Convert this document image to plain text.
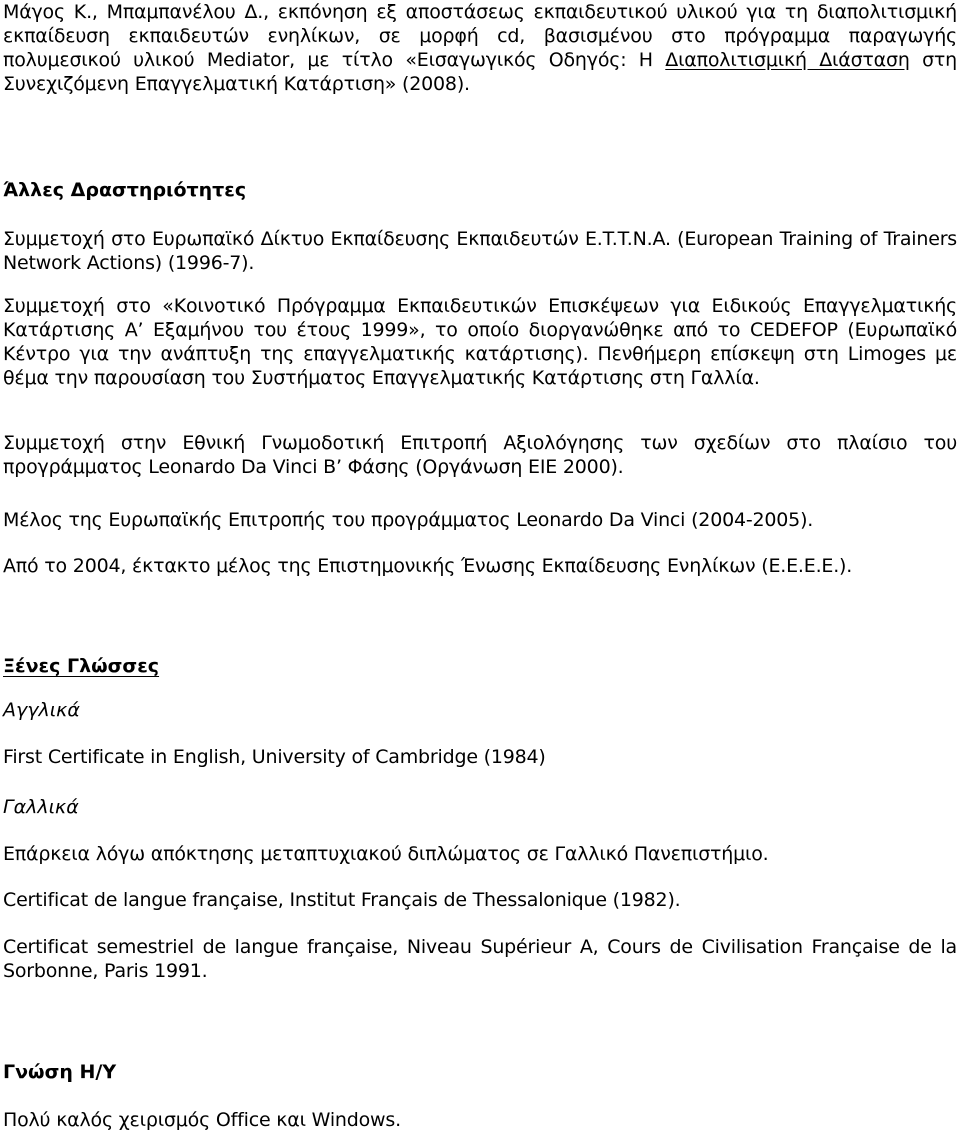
Μάγος Κ., Μπαμπανέλου Δ., εκπόνηση εξ αποστάσεως εκπαιδευτικού υλικού για τη διαπολιτισμική εκπαίδευση εκπαιδευτών ενηλίκων, σε μορφή cd, βασισμένου στο πρόγραμμα παραγωγής πολυμεσικού υλικού Mediator, με τίτλο «Εισαγωγικός Οδηγός: Η Διαπολιτισμική Διάσταση στη Συνεχιζόμενη Επαγγελματική Κατάρτιση» (2008).

Άλλες Δραστηριότητες

Συμμετοχή στο Ευρωπαϊκό Δίκτυο Εκπαίδευσης Εκπαιδευτών E.T.T.N.A. (European Training of Trainers Network Actions) (1996-7).

Συμμετοχή στο «Κοινοτικό Πρόγραμμα Εκπαιδευτικών Επισκέψεων για Ειδικούς Επαγγελματικής Κατάρτισης Α’ Εξαμήνου του έτους 1999», το οποίο διοργανώθηκε από το CEDEFOP (Ευρωπαϊκό Κέντρο για την ανάπτυξη της επαγγελματικής κατάρτισης). Πενθήμερη επίσκεψη στη Limoges με θέμα την παρουσίαση του Συστήματος Επαγγελματικής Κατάρτισης στη Γαλλία.

Συμμετοχή στην Εθνική Γνωμοδοτική Επιτροπή Αξιολόγησης των σχεδίων στο πλαίσιο του προγράμματος Leonardo Da Vinci Β’ Φάσης (Οργάνωση ΕΙΕ 2000).

Μέλος της Ευρωπαϊκής Επιτροπής του προγράμματος Leonardo Da Vinci (2004-2005).

Από το 2004, έκτακτο μέλος της Επιστημονικής Ένωσης Εκπαίδευσης Ενηλίκων (Ε.Ε.Ε.Ε.).

Ξένες Γλώσσες

Αγγλικά

First Certificate in English, University of Cambridge (1984)

Γαλλικά

Επάρκεια λόγω απόκτησης μεταπτυχιακού διπλώματος σε Γαλλικό Πανεπιστήμιο.

Certificat de langue française, Institut Français de Thessalonique (1982).

Certificat semestriel de langue française, Niveau Supérieur A, Cours de Civilisation Française de la Sorbonne, Paris 1991.

Γνώση Η/Υ

Πολύ καλός χειρισμός Office και Windows.
